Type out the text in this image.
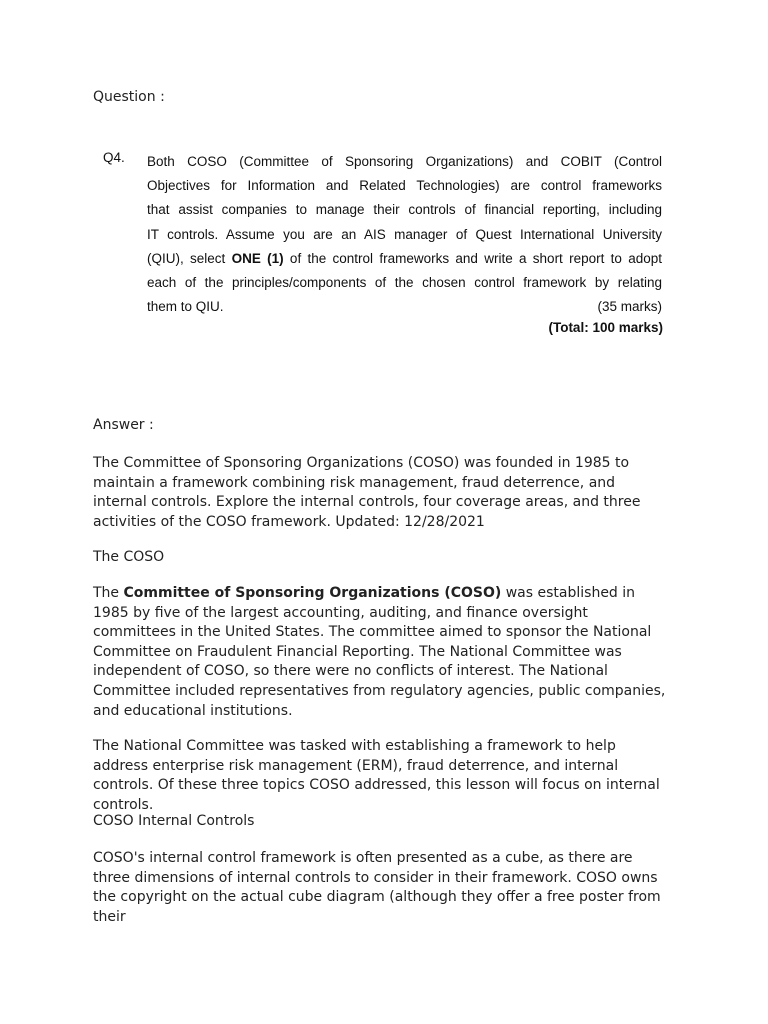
Question :
Q4. Both COSO (Committee of Sponsoring Organizations) and COBIT (Control
Objectives for Information and Related Technologies) are control frameworks
that assist companies to manage their controls of financial reporting, including
IT controls. Assume you are an AIS manager of Quest International University
(QIU), select ONE (1) of the control frameworks and write a short report to adopt
each of the principles/components of the chosen control framework by relating
them to QIU.	(35 marks)
(Total: 100 marks)
Answer :

The Committee of Sponsoring Organizations (COSO) was founded in 1985 to maintain a framework combining risk management, fraud deterrence, and internal controls. Explore the internal controls, four coverage areas, and three activities of the COSO framework. Updated: 12/28/2021

The COSO

The Committee of Sponsoring Organizations (COSO) was established in 1985 by five of the largest accounting, auditing, and finance oversight committees in the United States. The committee aimed to sponsor the National Committee on Fraudulent Financial Reporting. The National Committee was independent of COSO, so there were no conflicts of interest. The National Committee included representatives from regulatory agencies, public companies, and educational institutions.

The National Committee was tasked with establishing a framework to help address enterprise risk management (ERM), fraud deterrence, and internal controls. Of these three topics COSO addressed, this lesson will focus on internal controls.

COSO Internal Controls

COSO's internal control framework is often presented as a cube, as there are three dimensions of internal controls to consider in their framework. COSO owns the copyright on the actual cube diagram (although they offer a free poster from their
